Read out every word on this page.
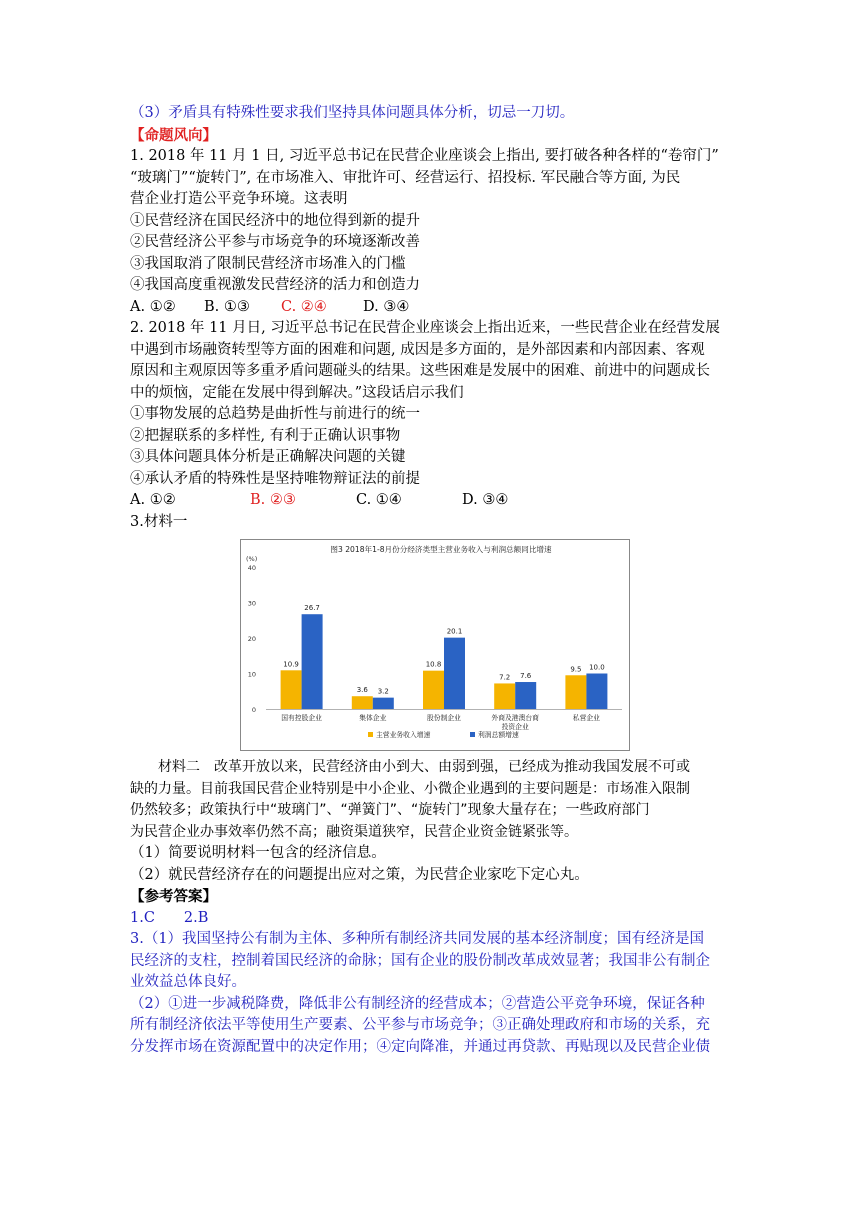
（3）矛盾具有特殊性要求我们坚持具体问题具体分析，切忌一刀切。
【命题风向】
1. 2018 年 11 月 1 日, 习近平总书记在民营企业座谈会上指出, 要打破各种各样的“卷帘门”
“玻璃门”“旋转门”, 在市场准入、审批许可、经营运行、招投标. 军民融合等方面, 为民
营企业打造公平竞争环境。这表明
①民营经济在国民经济中的地位得到新的提升
②民营经济公平参与市场竞争的环境逐渐改善
③我国取消了限制民营经济市场准入的门槛
④我国高度重视激发民营经济的活力和创造力
A. ①② B. ①③ C. ②④ D. ③④
2. 2018 年 11 月日, 习近平总书记在民营企业座谈会上指出近来，一些民营企业在经营发展
中遇到市场融资转型等方面的困难和问题, 成因是多方面的，是外部因素和内部因素、客观
原因和主观原因等多重矛盾问题碰头的结果。这些困难是发展中的困难、前进中的问题成长
中的烦恼，定能在发展中得到解决。”这段话启示我们
①事物发展的总趋势是曲折性与前进行的统一
②把握联系的多样性, 有利于正确认识事物
③具体问题具体分析是正确解决问题的关键
④承认矛盾的特殊性是坚持唯物辩证法的前提
A. ①②	B. ②③	C. ①④	D. ③④
3.材料一
图3 2018年1-8月份分经济类型主营业务收入与利润总额同比增速
(%)
0
10
20
30
40
10.9
26.7
国有控股企业
3.6 3.2
集体企业
10.8
20.1
股份制企业
7.2 7.6
外商及港澳台商
投资企业
9.5 10.0
私营企业
主营业务收入增速	利润总额增速
材料二　改革开放以来，民营经济由小到大、由弱到强，已经成为推动我国发展不可或
缺的力量。目前我国民营企业特别是中小企业、小微企业遇到的主要问题是：市场准入限制
仍然较多；政策执行中“玻璃门”、“弹簧门”、“旋转门”现象大量存在；一些政府部门
为民营企业办事效率仍然不高；融资渠道狭窄，民营企业资金链紧张等。
（1）简要说明材料一包含的经济信息。
（2）就民营经济存在的问题提出应对之策，为民营企业家吃下定心丸。
【参考答案】
1.C　　2.B
3.（1）我国坚持公有制为主体、多种所有制经济共同发展的基本经济制度；国有经济是国
民经济的支柱，控制着国民经济的命脉；国有企业的股份制改革成效显著；我国非公有制企
业效益总体良好。
（2）①进一步减税降费，降低非公有制经济的经营成本；②营造公平竞争环境，保证各种
所有制经济依法平等使用生产要素、公平参与市场竞争；③正确处理政府和市场的关系，充
分发挥市场在资源配置中的决定作用；④定向降准，并通过再贷款、再贴现以及民营企业债
